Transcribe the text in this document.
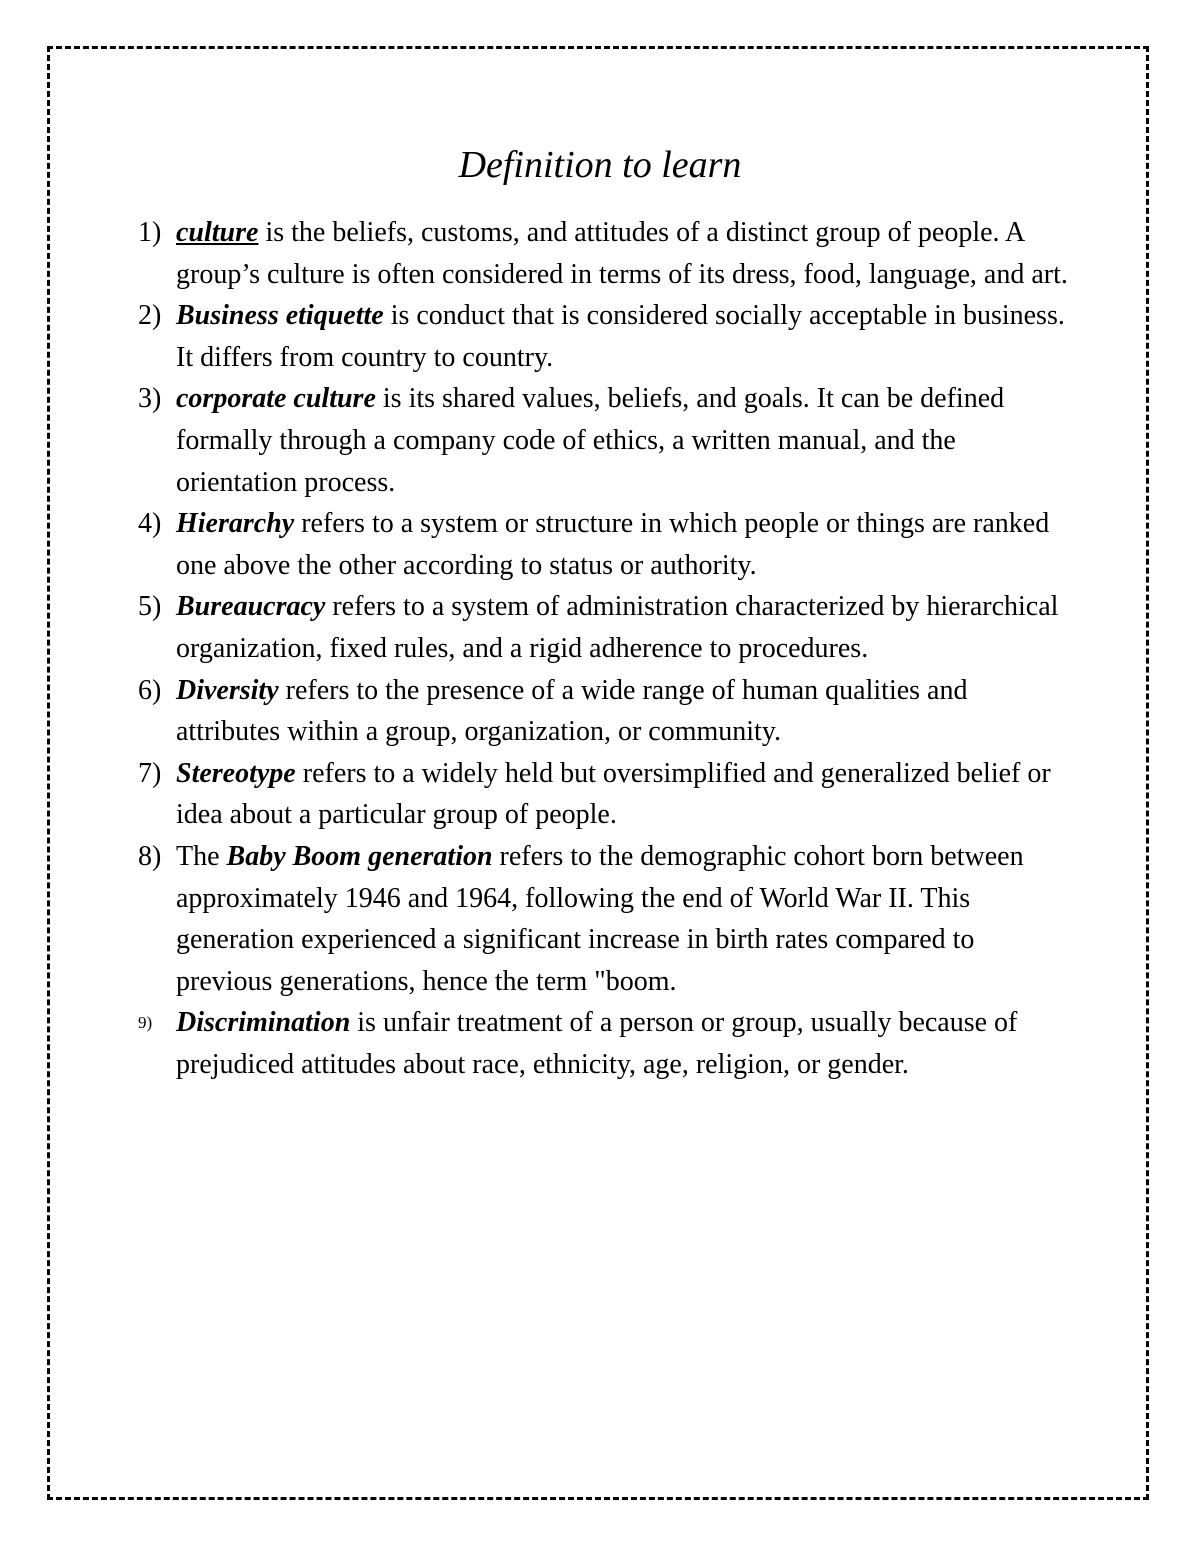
Definition to learn
1) culture is the beliefs, customs, and attitudes of a distinct group of people. A group’s culture is often considered in terms of its dress, food, language, and art.
2) Business etiquette is conduct that is considered socially acceptable in business. It differs from country to country.
3) corporate culture is its shared values, beliefs, and goals. It can be defined formally through a company code of ethics, a written manual, and the orientation process.
4) Hierarchy refers to a system or structure in which people or things are ranked one above the other according to status or authority.
5) Bureaucracy refers to a system of administration characterized by hierarchical organization, fixed rules, and a rigid adherence to procedures.
6) Diversity refers to the presence of a wide range of human qualities and attributes within a group, organization, or community.
7) Stereotype refers to a widely held but oversimplified and generalized belief or idea about a particular group of people.
8) The Baby Boom generation refers to the demographic cohort born between approximately 1946 and 1964, following the end of World War II. This generation experienced a significant increase in birth rates compared to previous generations, hence the term "boom.
9) Discrimination is unfair treatment of a person or group, usually because of prejudiced attitudes about race, ethnicity, age, religion, or gender.
